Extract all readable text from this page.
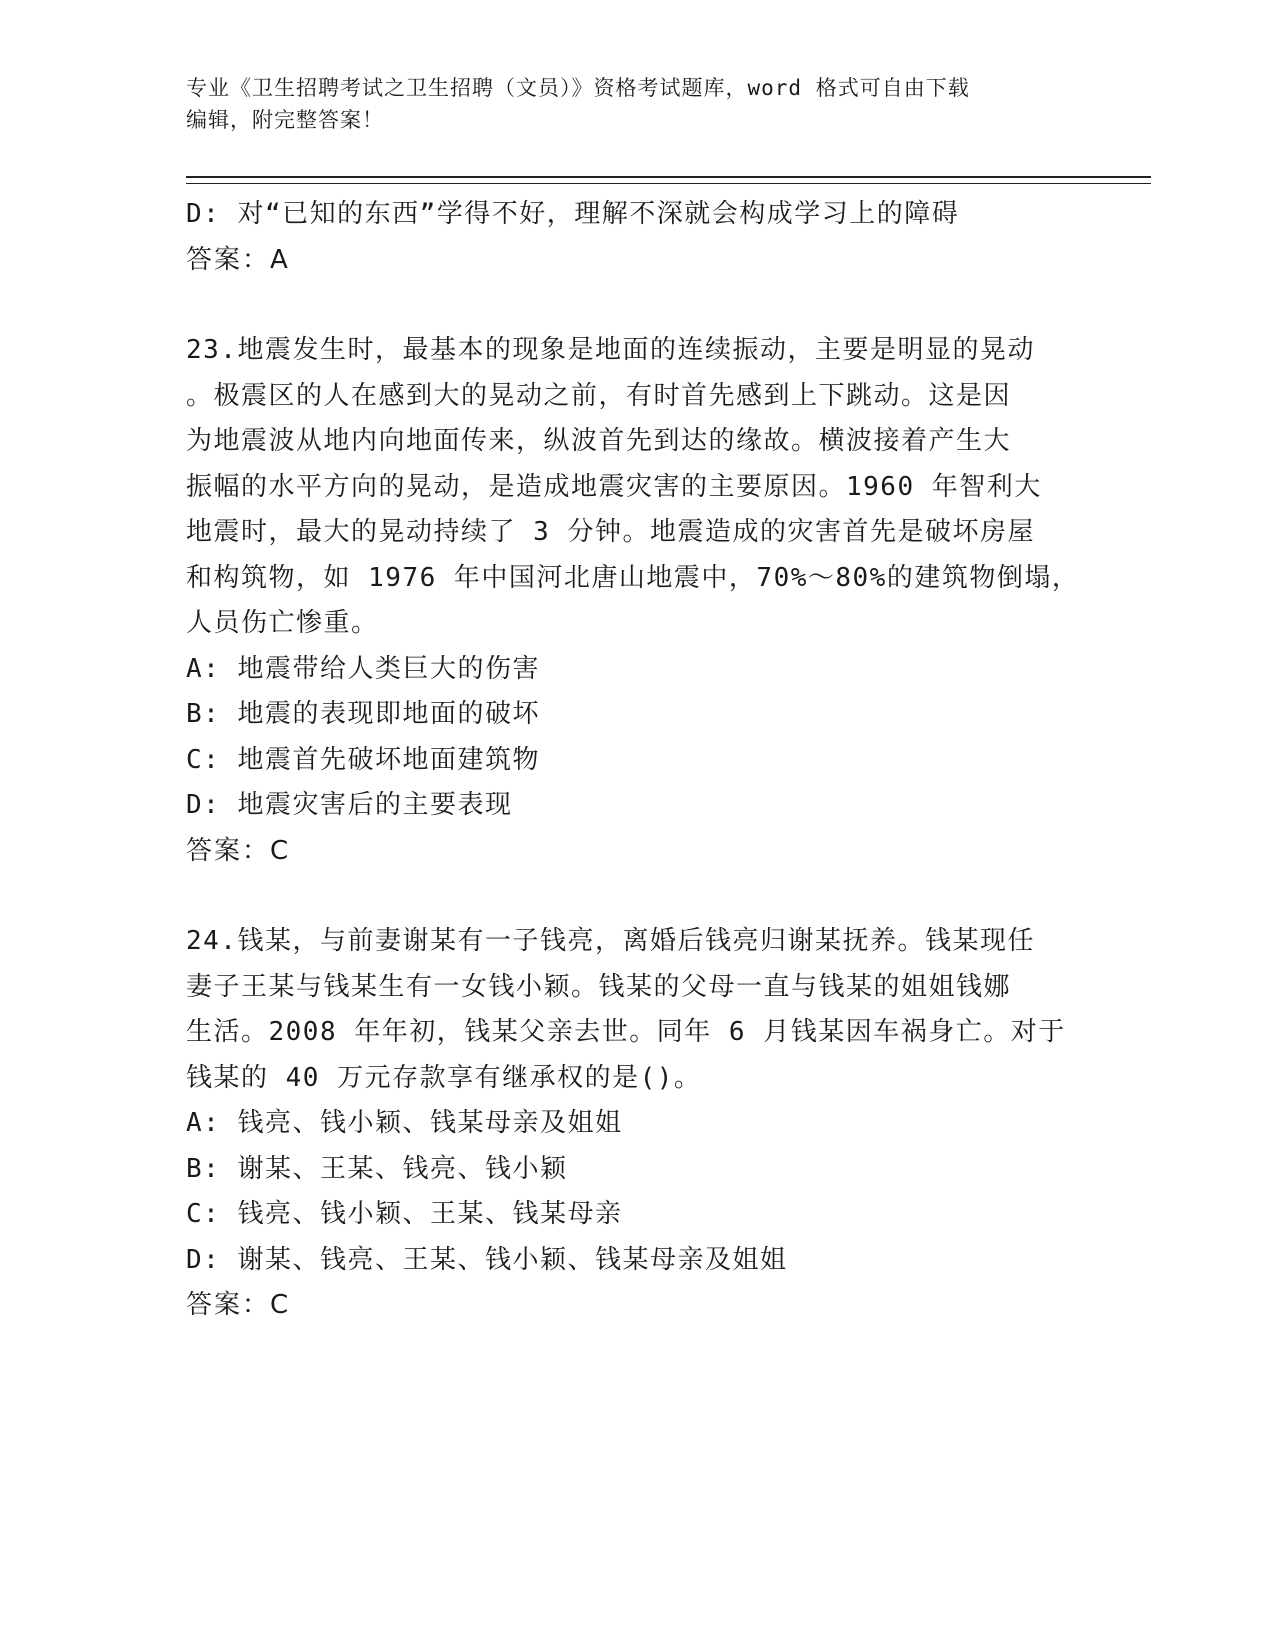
专业《卫生招聘考试之卫生招聘（文员）》资格考试题库，word 格式可自由下载
编辑，附完整答案！
D: 对“已知的东西”学得不好，理解不深就会构成学习上的障碍
答案：A
23.地震发生时，最基本的现象是地面的连续振动，主要是明显的晃动
。极震区的人在感到大的晃动之前，有时首先感到上下跳动。这是因
为地震波从地内向地面传来，纵波首先到达的缘故。横波接着产生大
振幅的水平方向的晃动，是造成地震灾害的主要原因。1960 年智利大
地震时，最大的晃动持续了 3 分钟。地震造成的灾害首先是破坏房屋
和构筑物，如 1976 年中国河北唐山地震中，70%～80%的建筑物倒塌，
人员伤亡惨重。
A: 地震带给人类巨大的伤害
B: 地震的表现即地面的破坏
C: 地震首先破坏地面建筑物
D: 地震灾害后的主要表现
答案：C
24.钱某，与前妻谢某有一子钱亮，离婚后钱亮归谢某抚养。钱某现任
妻子王某与钱某生有一女钱小颖。钱某的父母一直与钱某的姐姐钱娜
生活。2008 年年初，钱某父亲去世。同年 6 月钱某因车祸身亡。对于
钱某的 40 万元存款享有继承权的是()。
A: 钱亮、钱小颖、钱某母亲及姐姐
B: 谢某、王某、钱亮、钱小颖
C: 钱亮、钱小颖、王某、钱某母亲
D: 谢某、钱亮、王某、钱小颖、钱某母亲及姐姐
答案：C
